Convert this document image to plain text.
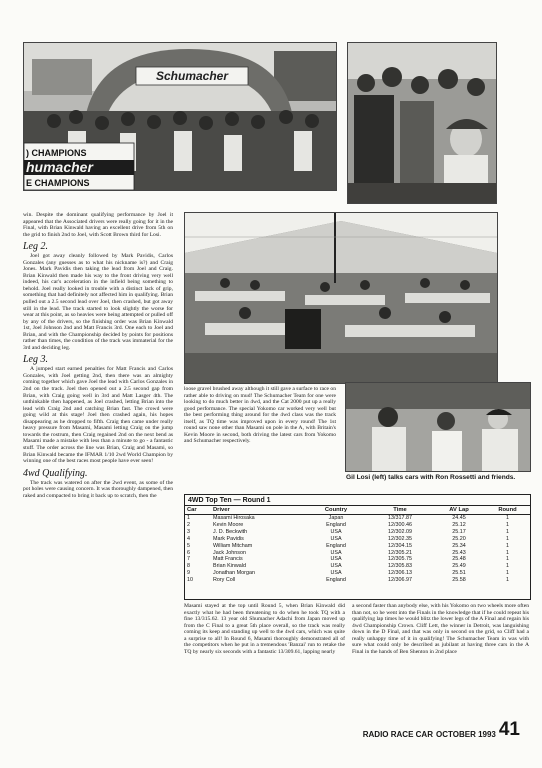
Schumacher
) CHAMPIONS
humacher
E CHAMPIONS

win. Despite the dominant qualifying performance by Joel it appeared that the Associated drivers were really going for it in the Final, with Brian Kinwald having an excellent drive from 5th on the grid to finish 2nd to Joel, with Scott Brown third for Losi.

Leg 2.

Joel got away cleanly followed by Mark Pavidis, Carlos Gonzales (any guesses as to what his nickname is?) and Craig Jones. Mark Pavidis then taking the lead from Joel and Craig. Brian Kinwald then made his way to the front driving very well indeed, his car's acceleration in the infield being something to behold. Joel really looked in trouble with a distinct lack of grip, something that had definitely not affected him in qualifying. Brian pulled out a 2.5 second lead over Joel, then crashed, but got away still in the lead. The track started to look slightly the worse for wear at this point, as so heavies were being attempted or pulled off by any of the drivers, so the finishing order was Brian Kinwald 1st, Joel Johnson 2nd and Matt Francis 3rd. One each to Joel and Brian, and with the Championship decided by points for positions rather than times, the condition of the track was immaterial for the 3rd and deciding leg.

Leg 3.

A jumped start earned penalties for Matt Francis and Carlos Gonzales, with Joel getting 2nd, then there was an almighty coming together which gave Joel the lead with Carlos Gonzales in 2nd on the track. Joel then opened out a 2.5 second gap from Brian, with Craig going well in 3rd and Matt Lasger 4th. The unthinkable then happened, as Joel crashed, letting Brian into the lead with Craig 2nd and catching Brian fast. The crowd were going wild at this stage! Joel then crashed again, his hopes disappearing as he dropped to fifth. Craig then came under really heavy pressure from Masami, Masami letting Craig on the jump towards the rostrum, then Craig regained 2nd on the next bend as Masami made a mistake with less than a minute to go - a fantastic stuff. The order across the line was Brian, Craig and Masami, so Brian Kinwald became the IFMAR 1/10 2wd World Champion by winning one of the best races most people have ever seen!

4wd Qualifying.

The track was watered on after the 2wd event, as some of the pot holes were causing concern. It was thoroughly dampened, then raked and compacted to bring it back up to scratch, then the

loose gravel brushed away although it still gave a surface to race on rather able to driving on mud! The Schumacher Team for one were looking to do much better in 4wd, and the Cat 2000 put up a really good performance. The special Yokomo car worked very well but the best performing thing around for the 4wd class was the track itself, as TQ time was improved upon in every round! The 1st round saw none other than Masami on pole in the A, with Britain's Kevin Moore in second, both driving the latest cars from Yokomo and Schumacher respectively.

Gil Losi (left) talks cars with Ron Rossetti and friends.
4WD Top Ten — Round 1
Car	Driver	Country	Time	AV Lap	Round
1	Masami Hirosaka	Japan	13/317.87	24.45	1
2	Kevin Moore	England	12/300.46	25.12	1
3	J. D. Beckwith	USA	12/302.09	25.17	1
4	Mark Pavidis	USA	12/302.35	25.20	1
5	William Mitcham	England	12/304.15	25.34	1
6	Jack Johnson	USA	12/305.21	25.43	1
7	Matt Francis	USA	12/305.75	25.48	1
8	Brian Kinwald	USA	12/305.83	25.49	1
9	Jonathan Morgan	USA	12/306.13	25.51	1
10	Rory Coll	England	12/306.97	25.58	1

Masami stayed at the top until Round 5, when Brian Kinwald did exactly what he had been threatening to do when he took TQ with a fine 13/315.62. 13 year old Shumacher Adachi from Japan moved up from the C Final to a great 5th place overall, so the track was really coming its keep and standing up well to the 4wd cars, which was quite a surprise to all! In Round 6, Masami thoroughly demonstrated all of the competitors when he put in a tremendous 'Banzai' run to retake the TQ by nearly six seconds with a fantastic 13/309.61, lapping nearly

a second faster than anybody else, with his Yokomo on two wheels more often than not, so he went into the Finals in the knowledge that if he could repeat his qualifying lap times he would blitz the lower legs of the A Final and regain his 4wd Championship Crown. Cliff Lett, the winner in Detroit, was languishing down in the D Final, and that was only in second on the grid, so Cliff had a really unhappy time of it in qualifying! The Schumacher Team in was with sure what could only be described as jubilant at having three cars in the A Final in the hands of Ben Shenton in 2nd place

RADIO RACE CAR OCTOBER 1993 41
